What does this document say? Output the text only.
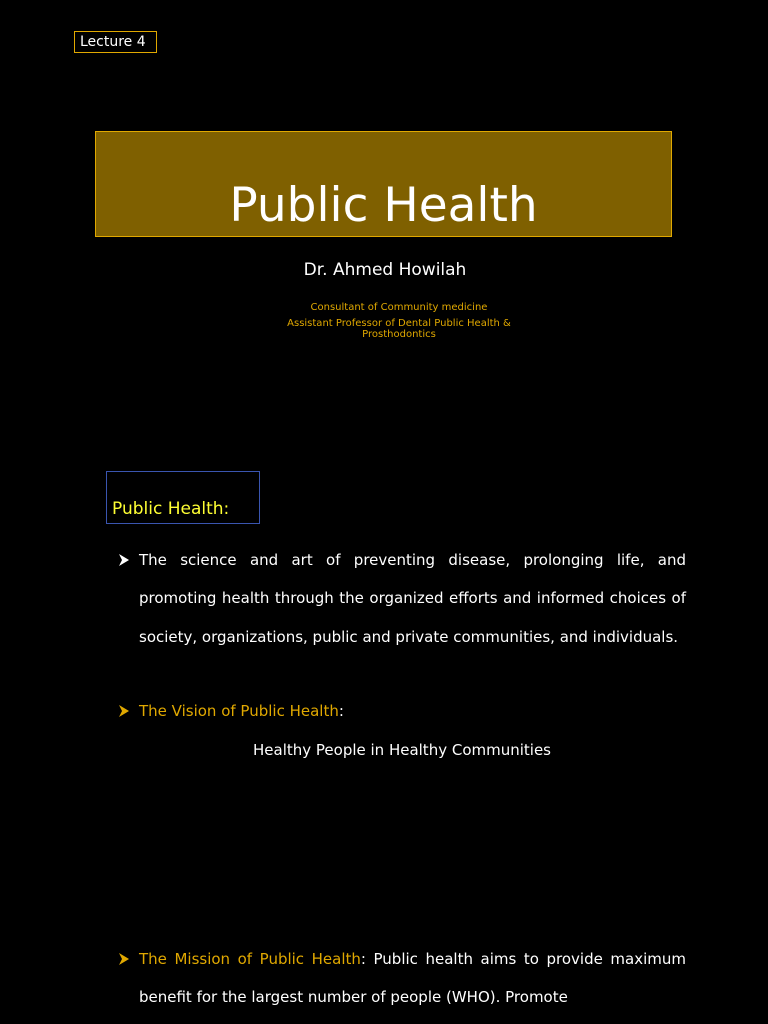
Lecture 4
Public Health
Dr. Ahmed Howilah
Consultant of Community medicine
Assistant Professor of Dental Public Health & Prosthodontics
Public Health:
The science and art of preventing disease, prolonging life, and promoting health through the organized efforts and informed choices of society, organizations, public and private communities, and individuals.
The Vision of Public Health:
Healthy People in Healthy Communities
The Mission of Public Health: Public health aims to provide maximum benefit for the largest number of people (WHO). Promote
